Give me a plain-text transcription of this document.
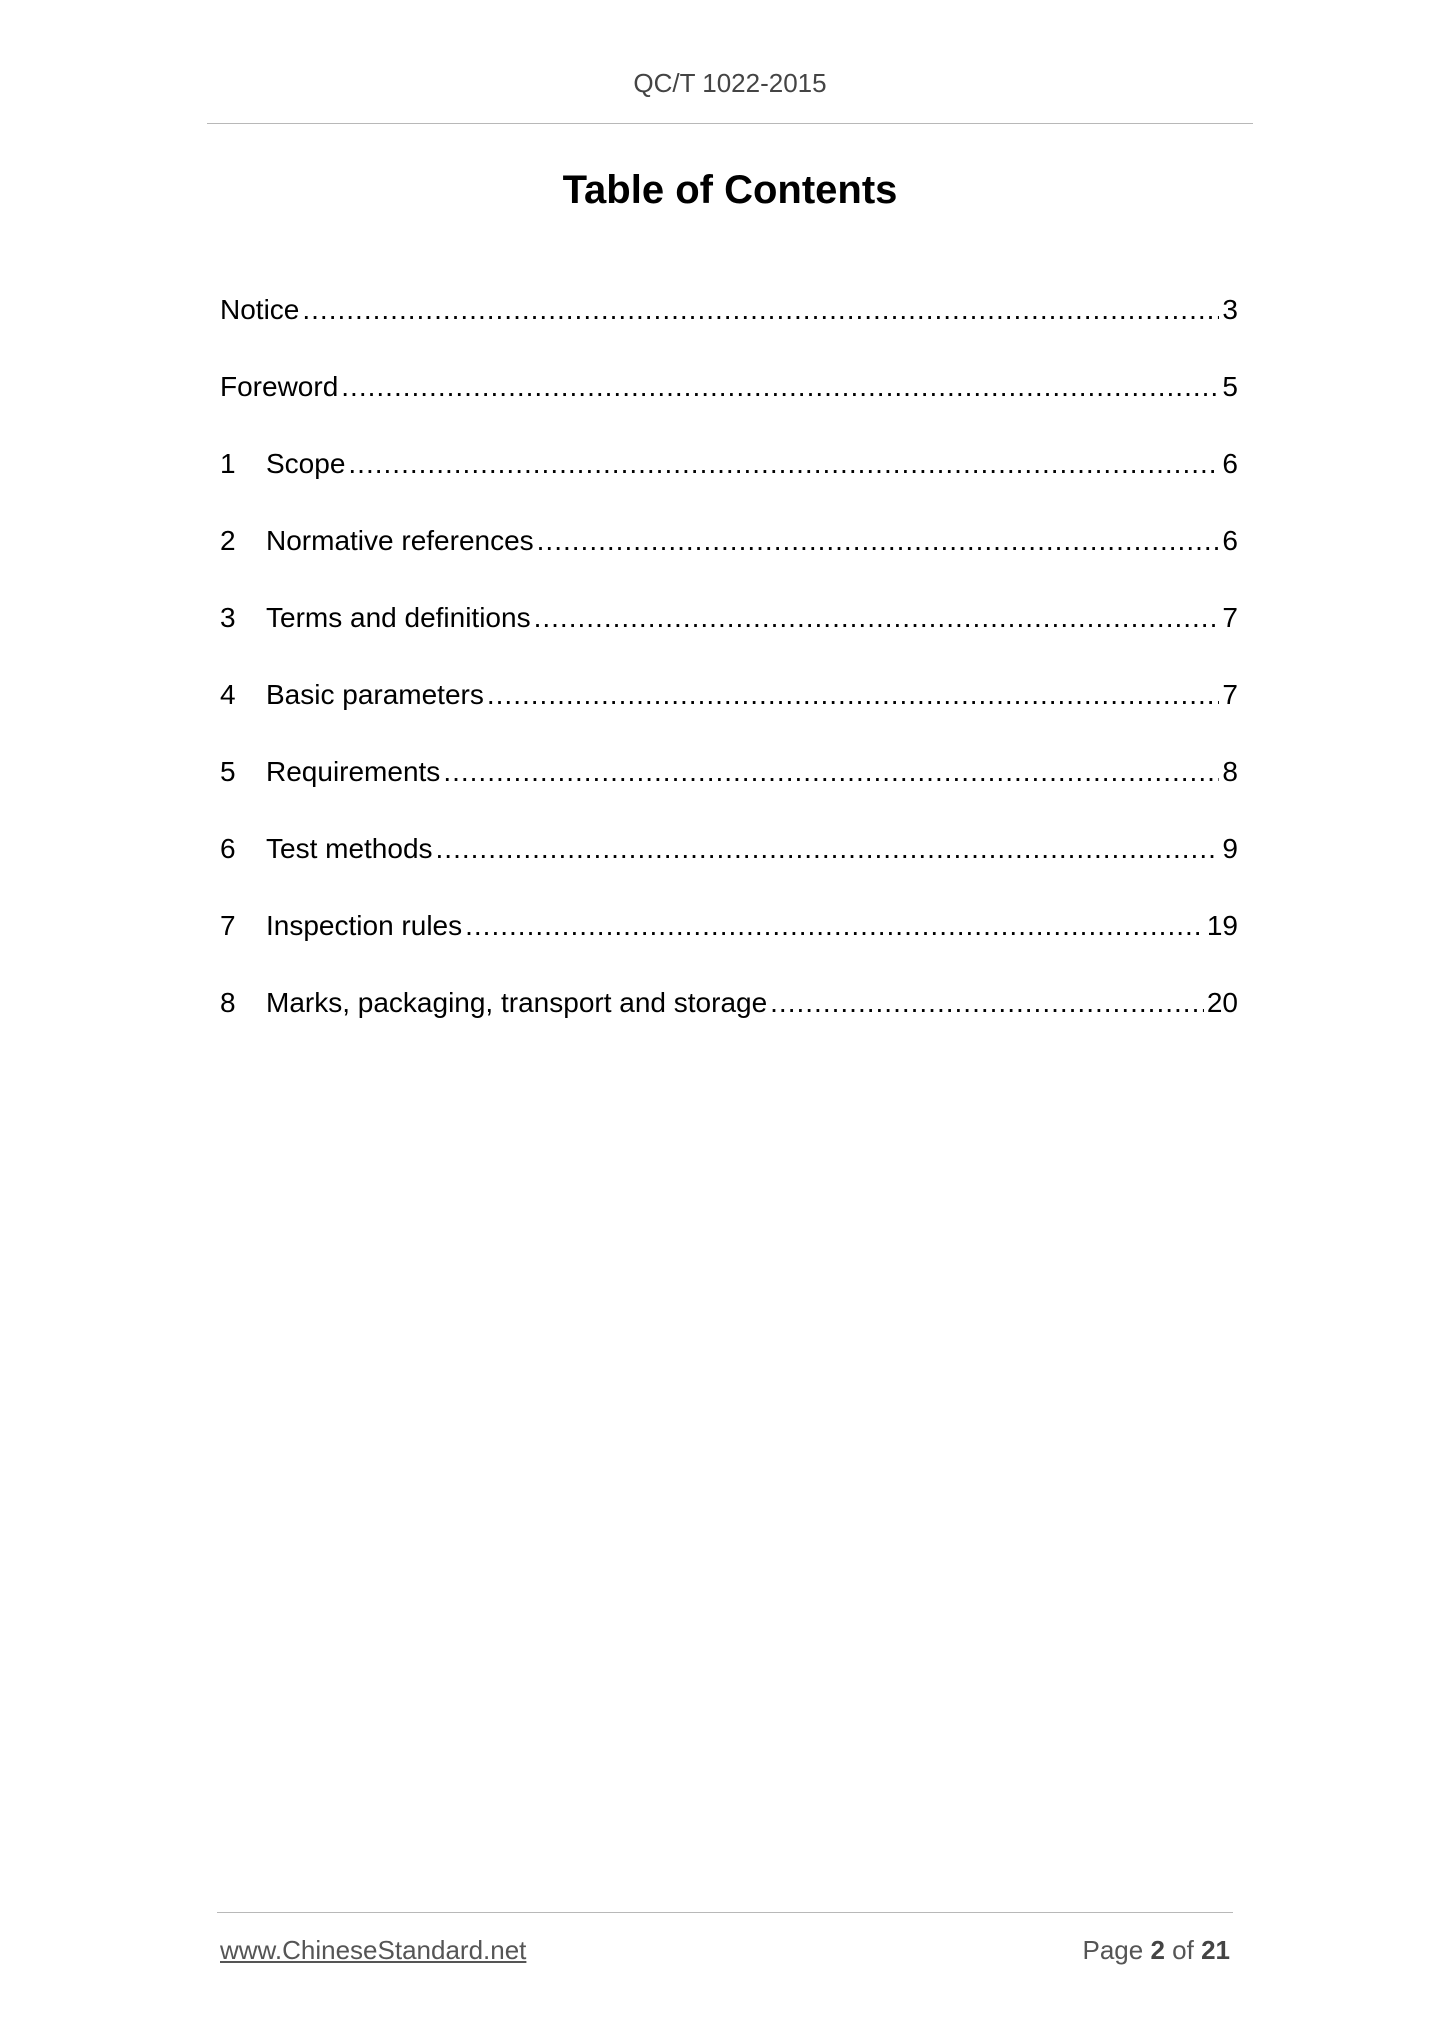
QC/T 1022-2015
Table of Contents
Notice .....	3
Foreword .....	5
1	Scope .....	6
2	Normative references .....	6
3	Terms and definitions .....	7
4	Basic parameters .....	7
5	Requirements .....	8
6	Test methods .....	9
7	Inspection rules .....	19
8	Marks, packaging, transport and storage .....	20
www.ChineseStandard.net	Page 2 of 21
